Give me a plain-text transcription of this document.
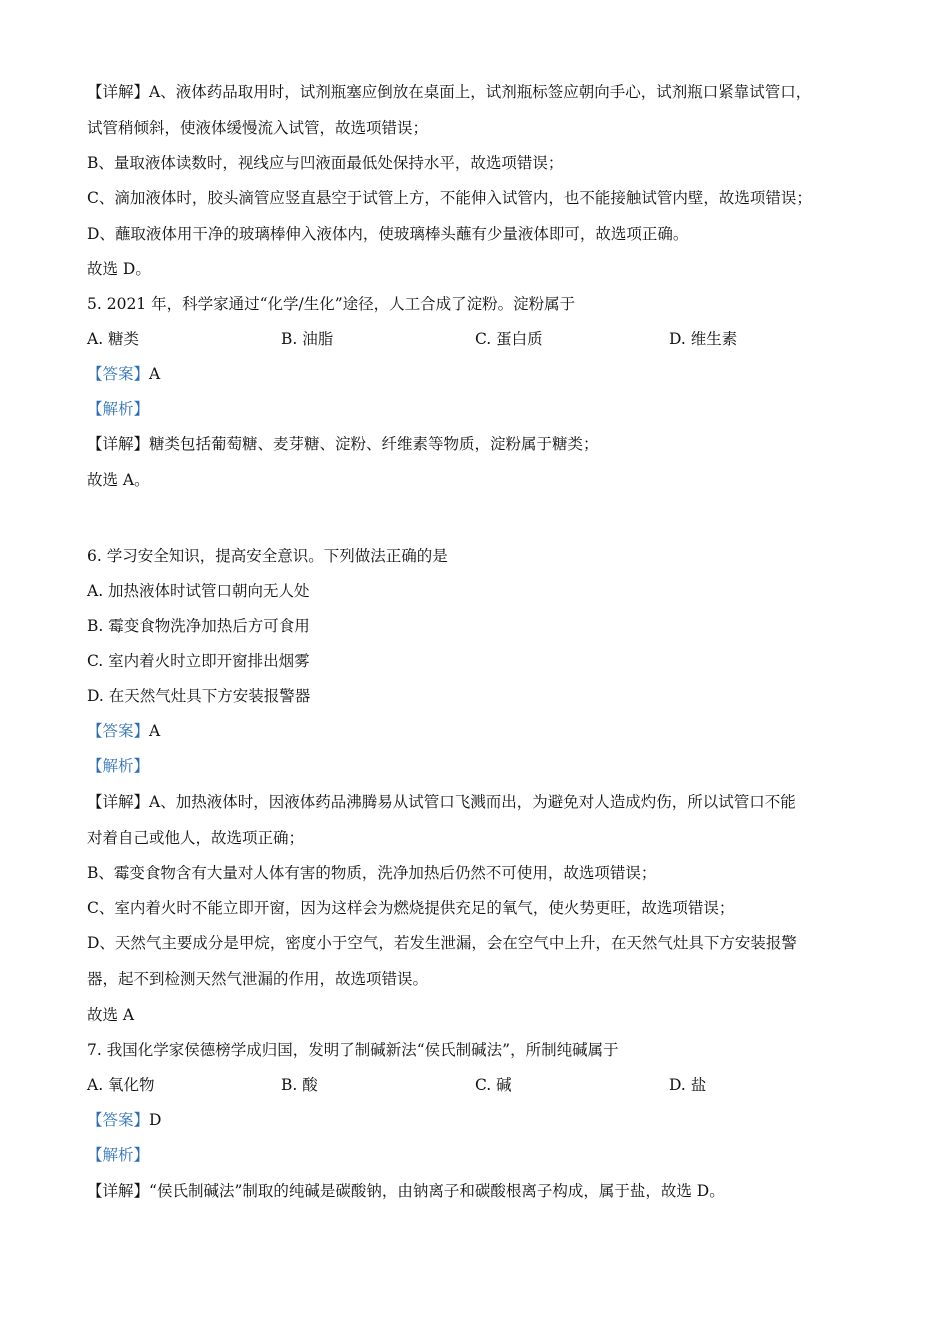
【详解】A、液体药品取用时，试剂瓶塞应倒放在桌面上，试剂瓶标签应朝向手心，试剂瓶口紧靠试管口，
试管稍倾斜，使液体缓慢流入试管，故选项错误；
B、量取液体读数时，视线应与凹液面最低处保持水平，故选项错误；
C、滴加液体时，胶头滴管应竖直悬空于试管上方，不能伸入试管内，也不能接触试管内壁，故选项错误；
D、蘸取液体用干净的玻璃棒伸入液体内，使玻璃棒头蘸有少量液体即可，故选项正确。
故选 D。
5. 2021 年，科学家通过“化学/生化”途径，人工合成了淀粉。淀粉属于
A. 糖类	B. 油脂	C. 蛋白质	D. 维生素
【答案】A
【解析】
【详解】糖类包括葡萄糖、麦芽糖、淀粉、纤维素等物质，淀粉属于糖类；
故选 A。
6. 学习安全知识，提高安全意识。下列做法正确的是
A. 加热液体时试管口朝向无人处
B. 霉变食物洗净加热后方可食用
C. 室内着火时立即开窗排出烟雾
D. 在天然气灶具下方安装报警器
【答案】A
【解析】
【详解】A、加热液体时，因液体药品沸腾易从试管口飞溅而出，为避免对人造成灼伤，所以试管口不能
对着自己或他人，故选项正确；
B、霉变食物含有大量对人体有害的物质，洗净加热后仍然不可使用，故选项错误；
C、室内着火时不能立即开窗，因为这样会为燃烧提供充足的氧气，使火势更旺，故选项错误；
D、天然气主要成分是甲烷，密度小于空气，若发生泄漏，会在空气中上升，在天然气灶具下方安装报警
器，起不到检测天然气泄漏的作用，故选项错误。
故选 A
7. 我国化学家侯德榜学成归国，发明了制碱新法“侯氏制碱法”，所制纯碱属于
A. 氧化物	B. 酸	C. 碱	D. 盐
【答案】D
【解析】
【详解】“侯氏制碱法”制取的纯碱是碳酸钠，由钠离子和碳酸根离子构成，属于盐，故选 D。
